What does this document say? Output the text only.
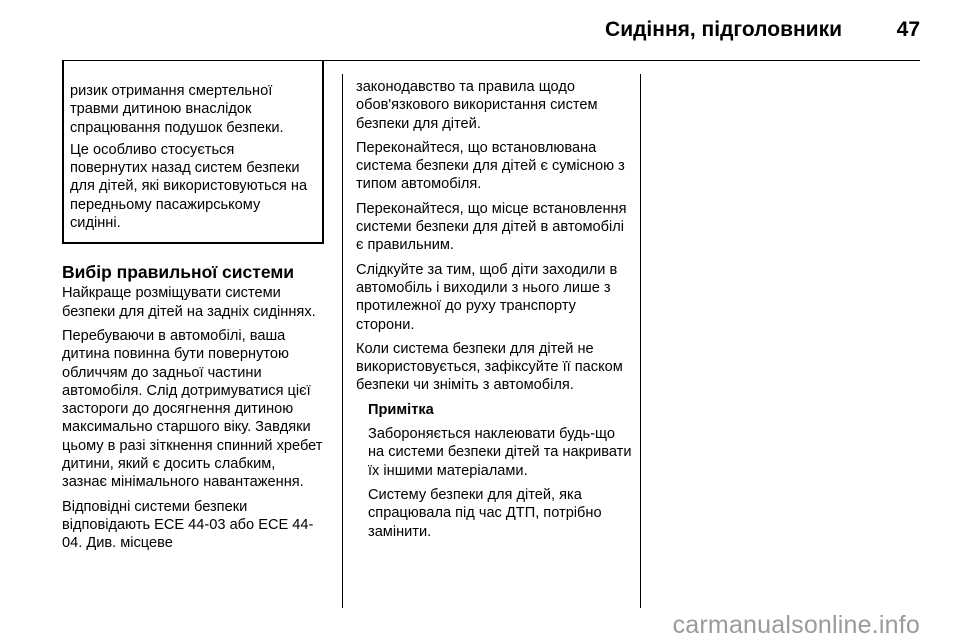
Сидіння, підголовники	47

ризик отримання смертельної травми дитиною внаслідок спрацювання подушок безпеки.

Це особливо стосується повернутих назад систем безпеки для дітей, які використовуються на передньому пасажирському сидінні.

Вибір правильної системи

Найкраще розміщувати системи безпеки для дітей на задніх сидіннях.

Перебуваючи в автомобілі, ваша дитина повинна бути повернутою обличчям до задньої частини автомобіля. Слід дотримуватися цієї застороги до досягнення дитиною максимально старшого віку. Завдяки цьому в разі зіткнення спинний хребет дитини, який є досить слабким, зазнає мінімального навантаження.

Відповідні системи безпеки відповідають ECE 44-03 або ECE 44-04. Див. місцеве

законодавство та правила щодо обов'язкового використання систем безпеки для дітей.

Переконайтеся, що встановлювана система безпеки для дітей є сумісною з типом автомобіля.

Переконайтеся, що місце встановлення системи безпеки для дітей в автомобілі є правильним.

Слідкуйте за тим, щоб діти заходили в автомобіль і виходили з нього лише з протилежної до руху транспорту сторони.

Коли система безпеки для дітей не використовується, зафіксуйте її паском безпеки чи зніміть з автомобіля.

Примітка

Забороняється наклеювати будь-що на системи безпеки дітей та накривати їх іншими матеріалами.

Систему безпеки для дітей, яка спрацювала під час ДТП, потрібно замінити.

carmanualsonline.info
